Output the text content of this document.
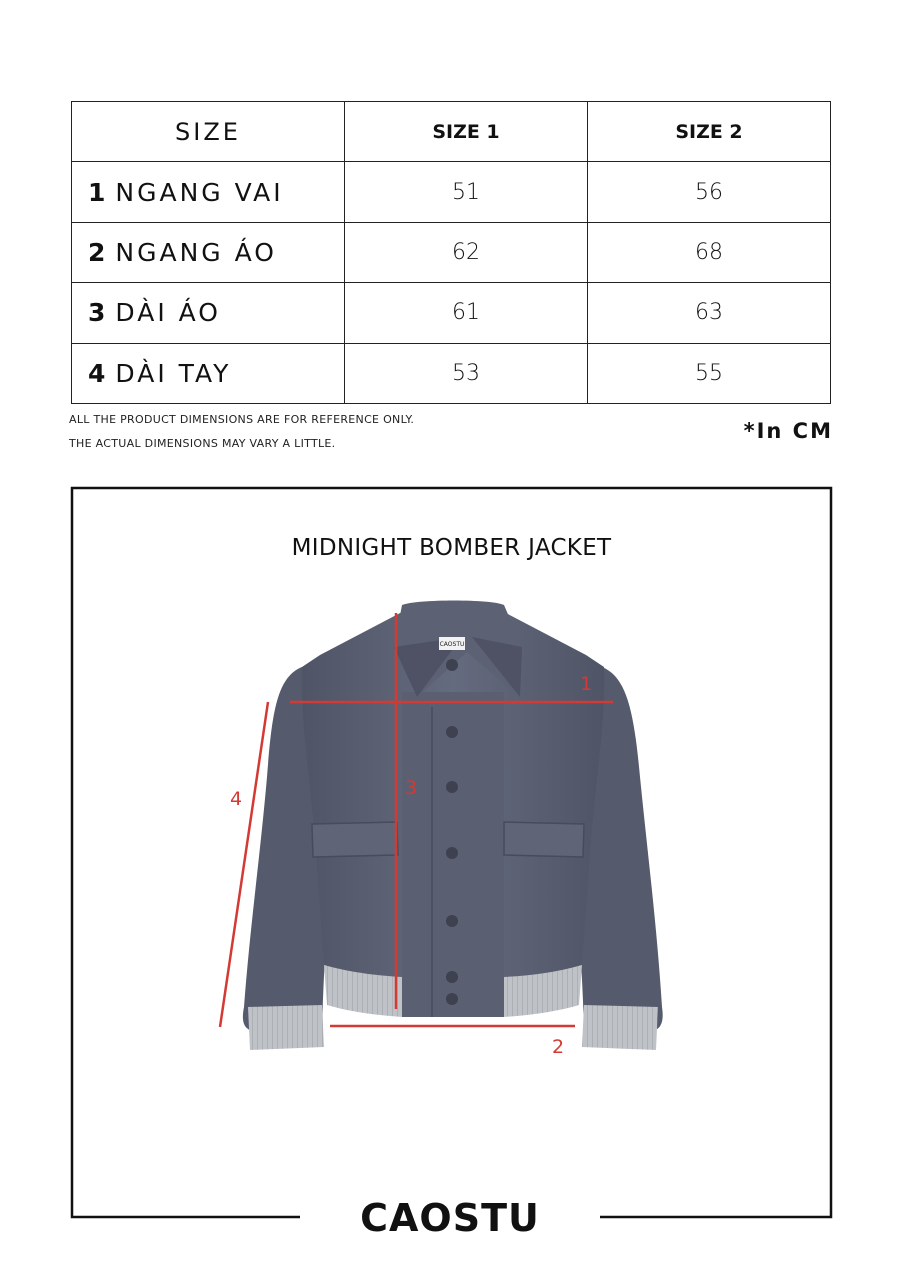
SIZE	SIZE 1	SIZE 2
1 NGANG VAI	51	56
2 NGANG ÁO	62	68
3 DÀI ÁO	61	63
4 DÀI TAY	53	55
ALL THE PRODUCT DIMENSIONS ARE FOR REFERENCE ONLY.
THE ACTUAL DIMENSIONS MAY VARY A LITTLE.
*In CM
MIDNIGHT BOMBER JACKET
CAOSTU
1
2
3
4
CAOSTU
